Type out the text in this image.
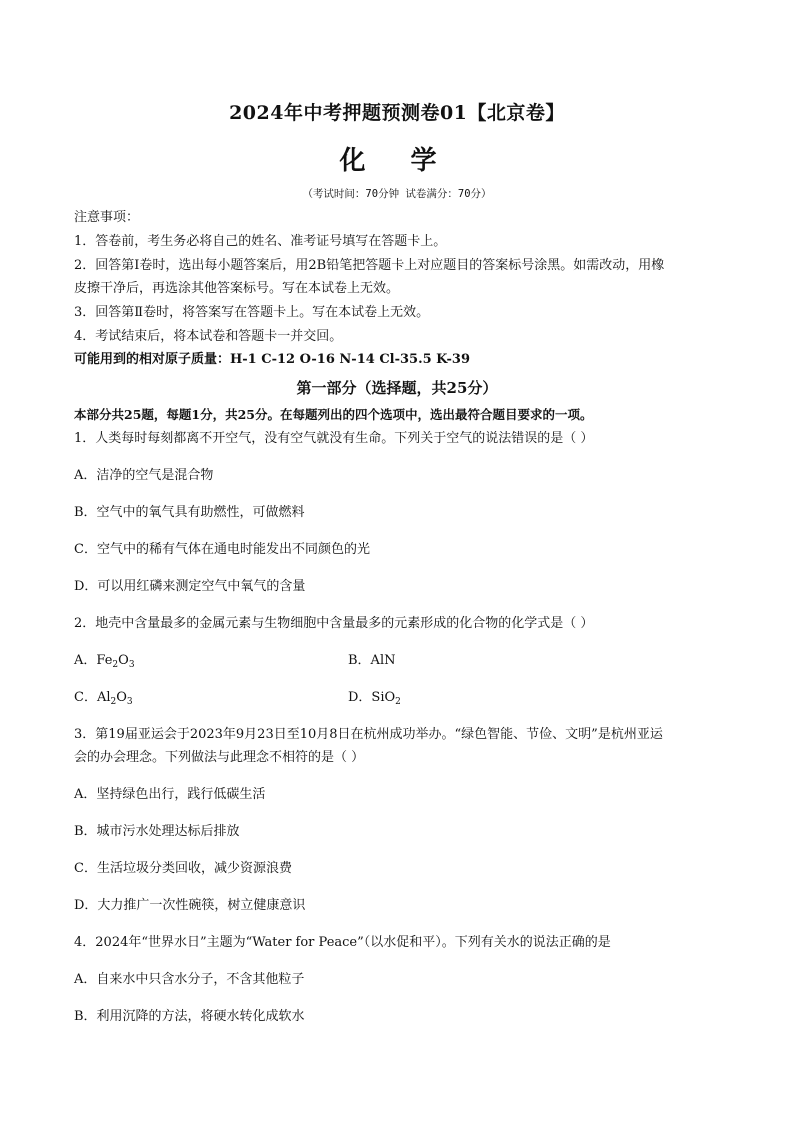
2024年中考押题预测卷01【北京卷】
化 学
（考试时间：70分钟 试卷满分：70分）
注意事项：
1．答卷前，考生务必将自己的姓名、准考证号填写在答题卡上。
2．回答第Ⅰ卷时，选出每小题答案后，用2B铅笔把答题卡上对应题目的答案标号涂黑。如需改动，用橡
皮擦干净后，再选涂其他答案标号。写在本试卷上无效。
3．回答第Ⅱ卷时，将答案写在答题卡上。写在本试卷上无效。
4．考试结束后，将本试卷和答题卡一并交回。
可能用到的相对原子质量：H-1 C-12 O-16 N-14 Cl-35.5 K-39
第一部分（选择题，共25分）
本部分共25题，每题1分，共25分。在每题列出的四个选项中，选出最符合题目要求的一项。
1．人类每时每刻都离不开空气，没有空气就没有生命。下列关于空气的说法错误的是（ ）
A．洁净的空气是混合物
B．空气中的氧气具有助燃性，可做燃料
C．空气中的稀有气体在通电时能发出不同颜色的光
D．可以用红磷来测定空气中氧气的含量
2．地壳中含量最多的金属元素与生物细胞中含量最多的元素形成的化合物的化学式是（ ）
A．$Fe_2O_3$	B．AlN
C．$Al_2O_3$	D．SiO$_2$
3．第19届亚运会于2023年9月23日至10月8日在杭州成功举办。“绿色智能、节俭、文明”是杭州亚运
会的办会理念。下列做法与此理念不相符的是（ ）
A．坚持绿色出行，践行低碳生活
B．城市污水处理达标后排放
C．生活垃圾分类回收，减少资源浪费
D．大力推广一次性碗筷，树立健康意识
4．2024年“世界水日”主题为“Water for Peace”（以水促和平）。下列有关水的说法正确的是
A．自来水中只含水分子，不含其他粒子
B．利用沉降的方法，将硬水转化成软水
